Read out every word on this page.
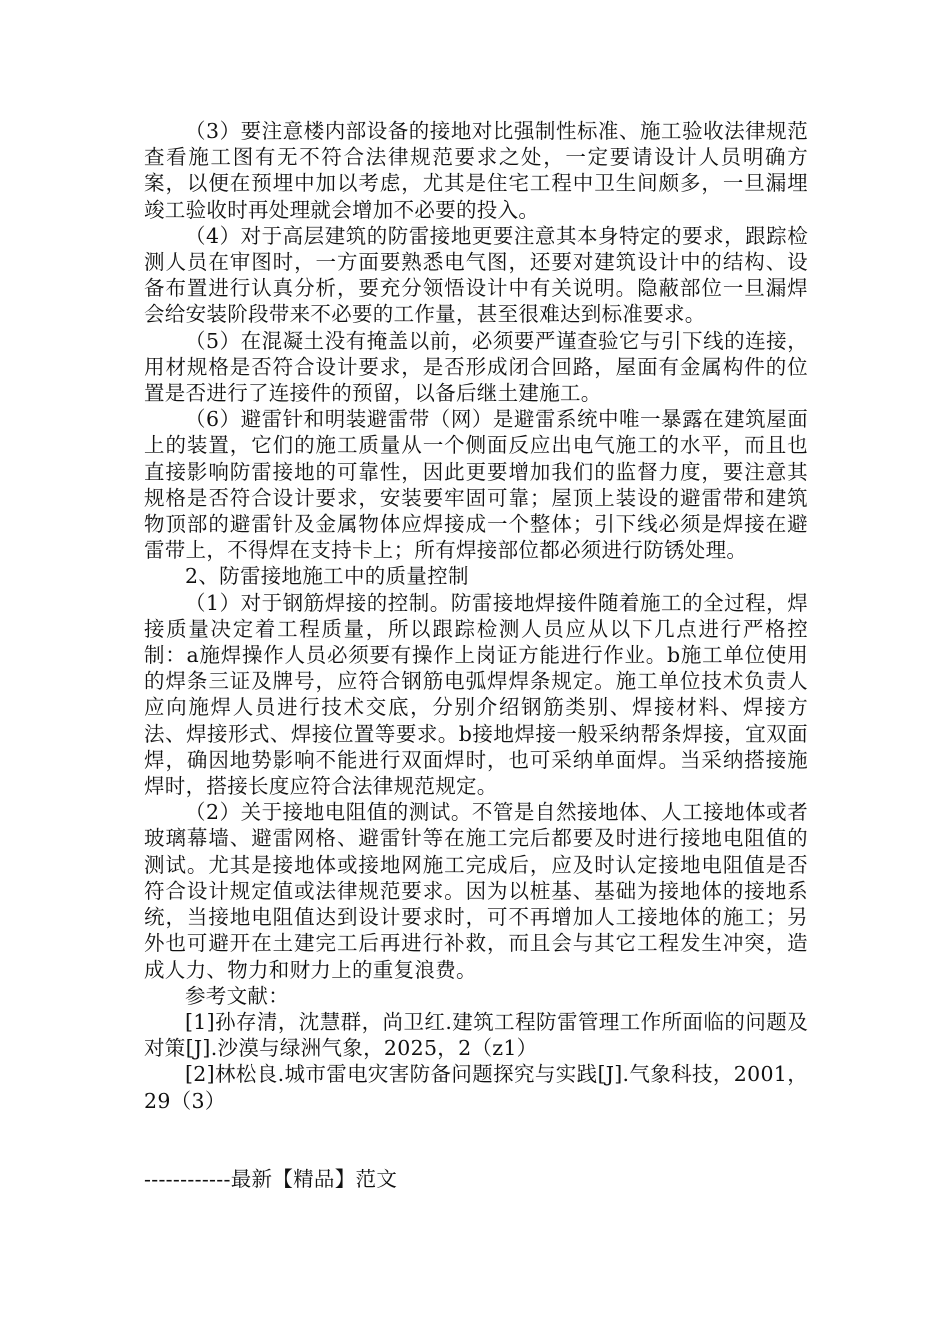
（3）要注意楼内部设备的接地对比强制性标准、施工验收法律规范查看施工图有无不符合法律规范要求之处，一定要请设计人员明确方案，以便在预埋中加以考虑，尤其是住宅工程中卫生间颇多，一旦漏埋竣工验收时再处理就会增加不必要的投入。

（4）对于高层建筑的防雷接地更要注意其本身特定的要求，跟踪检测人员在审图时，一方面要熟悉电气图，还要对建筑设计中的结构、设备布置进行认真分析，要充分领悟设计中有关说明。隐蔽部位一旦漏焊会给安装阶段带来不必要的工作量，甚至很难达到标准要求。

（5）在混凝土没有掩盖以前，必须要严谨查验它与引下线的连接，用材规格是否符合设计要求，是否形成闭合回路，屋面有金属构件的位置是否进行了连接件的预留，以备后继土建施工。

（6）避雷针和明装避雷带（网）是避雷系统中唯一暴露在建筑屋面上的装置，它们的施工质量从一个侧面反应出电气施工的水平，而且也直接影响防雷接地的可靠性，因此更要增加我们的监督力度，要注意其规格是否符合设计要求，安装要牢固可靠；屋顶上装设的避雷带和建筑物顶部的避雷针及金属物体应焊接成一个整体；引下线必须是焊接在避雷带上，不得焊在支持卡上；所有焊接部位都必须进行防锈处理。

2、防雷接地施工中的质量控制

（1）对于钢筋焊接的控制。防雷接地焊接件随着施工的全过程，焊接质量决定着工程质量，所以跟踪检测人员应从以下几点进行严格控制：a施焊操作人员必须要有操作上岗证方能进行作业。b施工单位使用的焊条三证及牌号，应符合钢筋电弧焊焊条规定。施工单位技术负责人应向施焊人员进行技术交底，分别介绍钢筋类别、焊接材料、焊接方法、焊接形式、焊接位置等要求。b接地焊接一般采纳帮条焊接，宜双面焊，确因地势影响不能进行双面焊时，也可采纳单面焊。当采纳搭接施焊时，搭接长度应符合法律规范规定。

（2）关于接地电阻值的测试。不管是自然接地体、人工接地体或者玻璃幕墙、避雷网格、避雷针等在施工完后都要及时进行接地电阻值的测试。尤其是接地体或接地网施工完成后，应及时认定接地电阻值是否符合设计规定值或法律规范要求。因为以桩基、基础为接地体的接地系统，当接地电阻值达到设计要求时，可不再增加人工接地体的施工；另外也可避开在土建完工后再进行补救，而且会与其它工程发生冲突，造成人力、物力和财力上的重复浪费。

参考文献：

[1]孙存清，沈慧群，尚卫红.建筑工程防雷管理工作所面临的问题及对策[J].沙漠与绿洲气象，2025，2（z1）

[2]林松良.城市雷电灾害防备问题探究与实践[J].气象科技，2001，29（3）

------------最新【精品】范文
